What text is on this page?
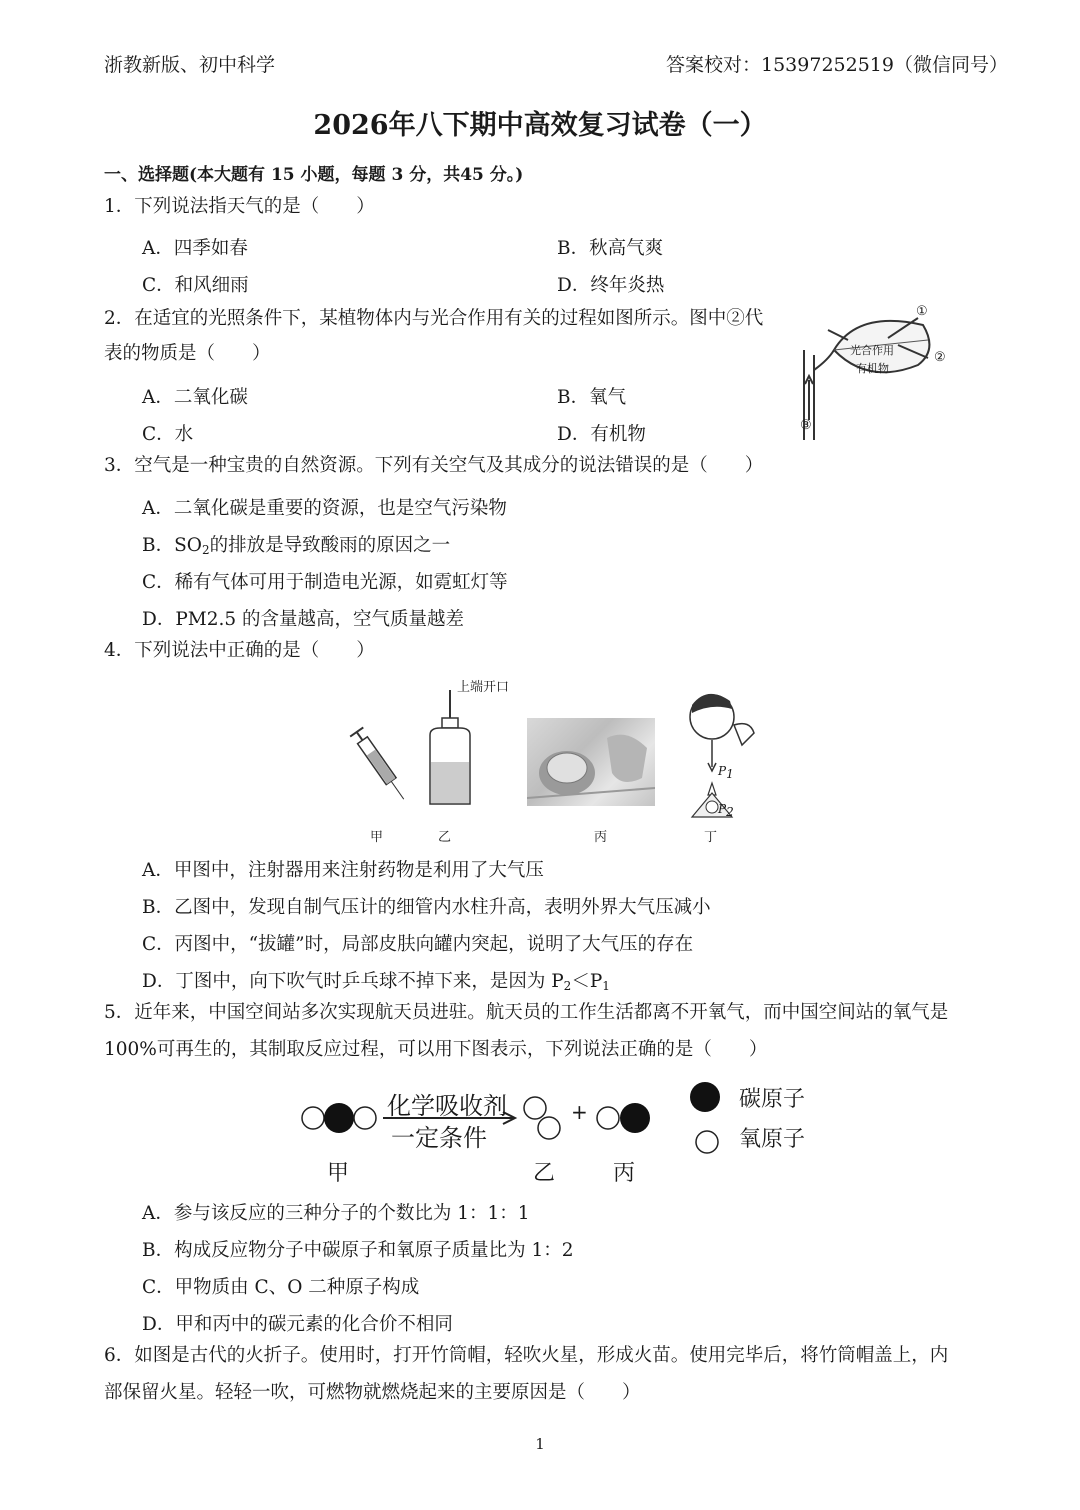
浙教新版、初中科学	答案校对：15397252519（微信同号）
2026年八下期中高效复习试卷（一）
一、选择题(本大题有 15 小题，每题 3 分，共45 分。)
1．下列说法指天气的是（　　）
A．四季如春	B．秋高气爽
C．和风细雨	D．终年炎热
2．在适宜的光照条件下，某植物体内与光合作用有关的过程如图所示。图中②代
表的物质是（　　）
A．二氧化碳	B．氧气
C．水	D．有机物
①
②
③
光合作用
有机物
3．空气是一种宝贵的自然资源。下列有关空气及其成分的说法错误的是（　　）
A．二氧化碳是重要的资源，也是空气污染物
B．$SO_2$的排放是导致酸雨的原因之一
C．稀有气体可用于制造电光源，如霓虹灯等
D．PM2.5 的含量越高，空气质量越差
4．下列说法中正确的是（　　）
上端开口
$P_1$
$P_2$
甲	乙	丙	丁
A．甲图中，注射器用来注射药物是利用了大气压
B．乙图中，发现自制气压计的细管内水柱升高，表明外界大气压减小
C．丙图中，“拔罐”时，局部皮肤向罐内突起，说明了大气压的存在
D．丁图中，向下吹气时乒乓球不掉下来，是因为 $P_2<P_1$
5．近年来，中国空间站多次实现航天员进驻。航天员的工作生活都离不开氧气，而中国空间站的氧气是
100%可再生的，其制取反应过程，可以用下图表示，下列说法正确的是（　　）
化学吸收剂
一定条件
+
甲	乙	丙
碳原子
氧原子
A．参与该反应的三种分子的个数比为 1：1：1
B．构成反应物分子中碳原子和氧原子质量比为 1：2
C．甲物质由 C、O 二种原子构成
D．甲和丙中的碳元素的化合价不相同
6．如图是古代的火折子。使用时，打开竹筒帽，轻吹火星，形成火苗。使用完毕后，将竹筒帽盖上，内
部保留火星。轻轻一吹，可燃物就燃烧起来的主要原因是（　　）
1
